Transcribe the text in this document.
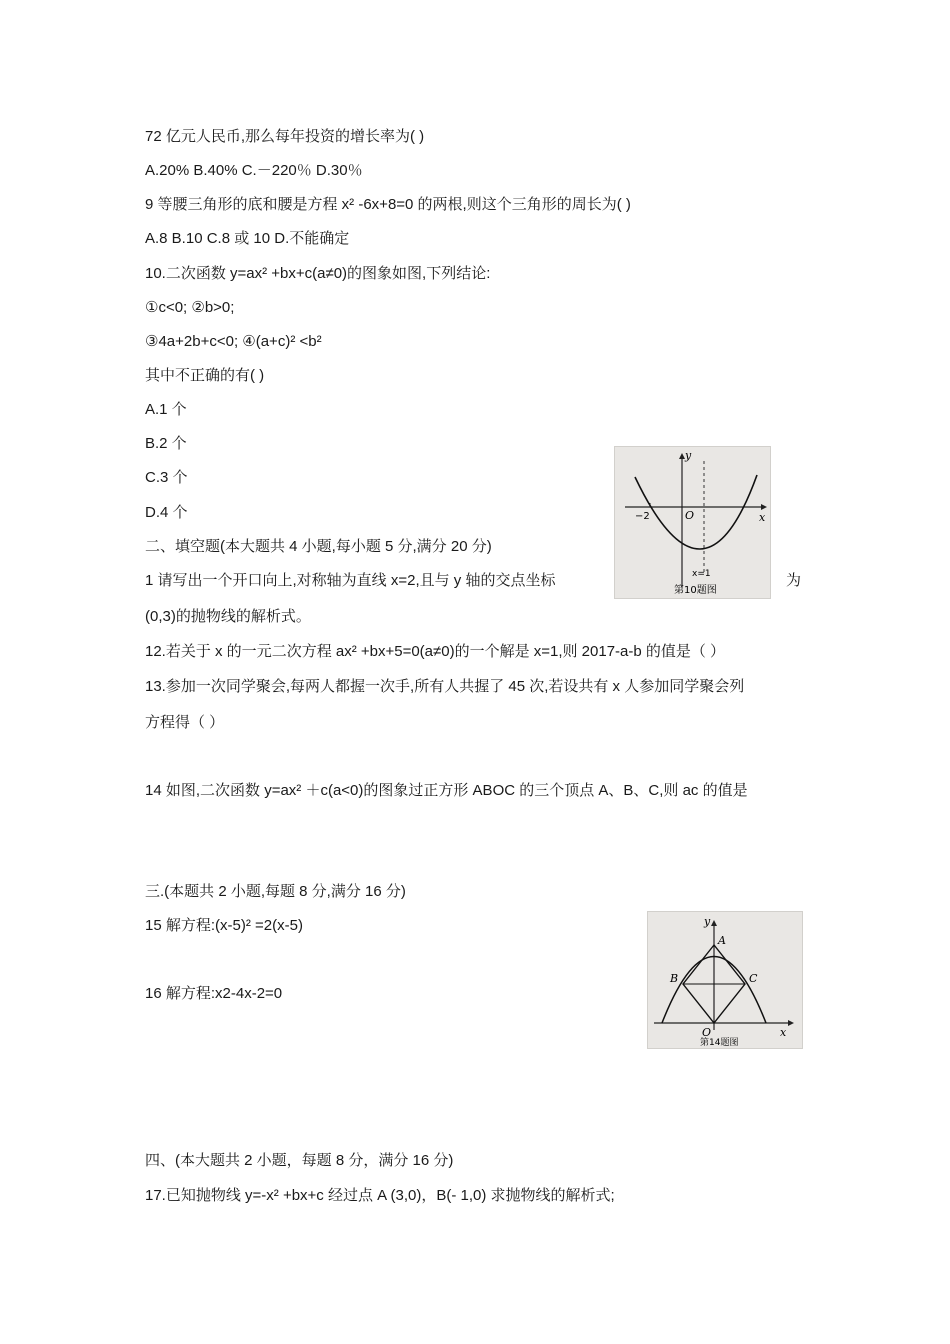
72 亿元人民币,那么每年投资的增长率为( )
A.20% B.40% C.－220％ D.30％
9 等腰三角形的底和腰是方程 x² -6x+8=0 的两根,则这个三角形的周长为( )
A.8 B.10 C.8 或 10 D.不能确定
10.二次函数 y=ax² +bx+c(a≠0)的图象如图,下列结论:
①c<0; ②b>0;
③4a+2b+c<0; ④(a+c)² <b²
其中不正确的有( )
A.1 个
B.2 个
C.3 个
D.4 个
二、填空题(本大题共 4 小题,每小题 5 分,满分 20 分)
1 请写出一个开口向上,对称轴为直线 x=2,且与 y 轴的交点坐标	为
(0,3)的抛物线的解析式。
12.若关于 x 的一元二次方程 ax² +bx+5=0(a≠0)的一个解是 x=1,则 2017-a-b 的值是（ ）
13.参加一次同学聚会,每两人都握一次手,所有人共握了 45 次,若设共有 x 人参加同学聚会列
方程得（ ）
14 如图,二次函数 y=ax² ＋c(a<0)的图象过正方形 ABOC 的三个顶点 A、B、C,则 ac 的值是
三.(本题共 2 小题,每题 8 分,满分 16 分)
15 解方程:(x-5)² =2(x-5)
16 解方程:x2-4x-2=0
四、(本大题共 2 小题，每题 8 分，满分 16 分)
17.已知抛物线 y=-x² +bx+c 经过点 A (3,0)，B(- 1,0) 求抛物线的解析式;
y
x
O
−2
x=1
第10题图
y
x
O
A
B	C
第14题图
